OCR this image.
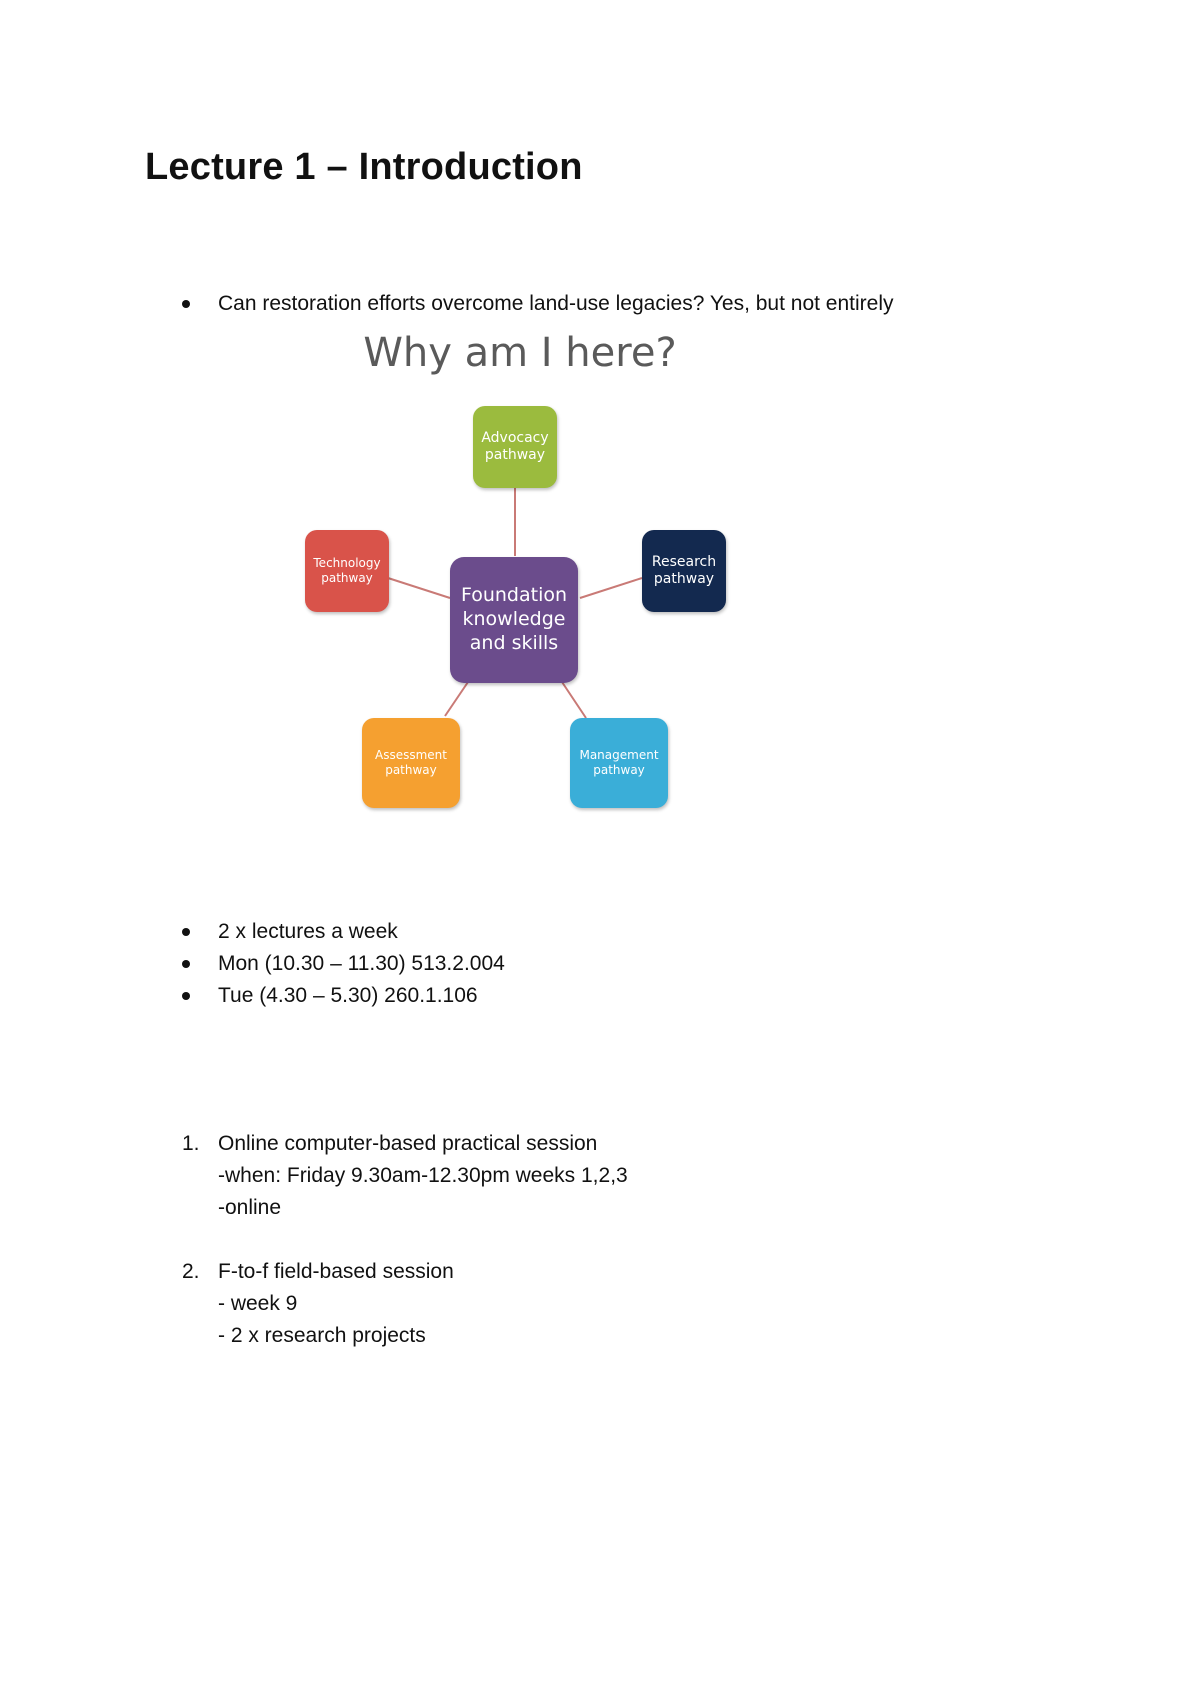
Lecture 1 – Introduction
Can restoration efforts overcome land-use legacies? Yes, but not entirely
Why am I here?
Advocacy
pathway
Research
pathway
Technology
pathway
Foundation
knowledge
and skills
Assessment
pathway
Management
pathway
2 x lectures a week
Mon (10.30 – 11.30) 513.2.004
Tue (4.30 – 5.30) 260.1.106
1. Online computer-based practical session
-when: Friday 9.30am-12.30pm weeks 1,2,3
-online
2. F-to-f field-based session
- week 9
- 2 x research projects
